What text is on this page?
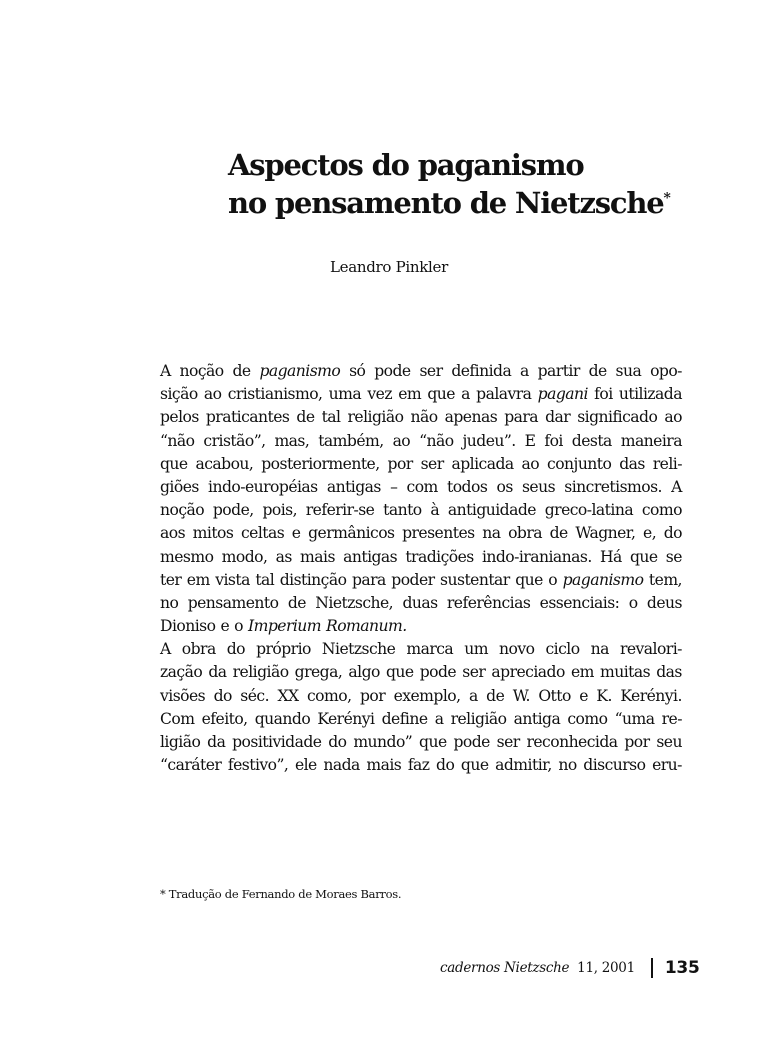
Aspectos do paganismo
no pensamento de Nietzsche*
Leandro Pinkler
A noção de paganismo só pode ser definida a partir de sua opo-
sição ao cristianismo, uma vez em que a palavra pagani foi utilizada
pelos praticantes de tal religião não apenas para dar significado ao
“não cristão”, mas, também, ao “não judeu”. E foi desta maneira
que acabou, posteriormente, por ser aplicada ao conjunto das reli-
giões indo-européias antigas – com todos os seus sincretismos. A
noção pode, pois, referir-se tanto à antiguidade greco-latina como
aos mitos celtas e germânicos presentes na obra de Wagner, e, do
mesmo modo, as mais antigas tradições indo-iranianas. Há que se
ter em vista tal distinção para poder sustentar que o paganismo tem,
no pensamento de Nietzsche, duas referências essenciais: o deus
Dioniso e o Imperium Romanum.
A obra do próprio Nietzsche marca um novo ciclo na revalori-
zação da religião grega, algo que pode ser apreciado em muitas das
visões do séc. XX como, por exemplo, a de W. Otto e K. Kerényi.
Com efeito, quando Kerényi define a religião antiga como “uma re-
ligião da positividade do mundo” que pode ser reconhecida por seu
“caráter festivo”, ele nada mais faz do que admitir, no discurso eru-
* Tradução de Fernando de Moraes Barros.
cadernos Nietzsche 11, 2001 135
